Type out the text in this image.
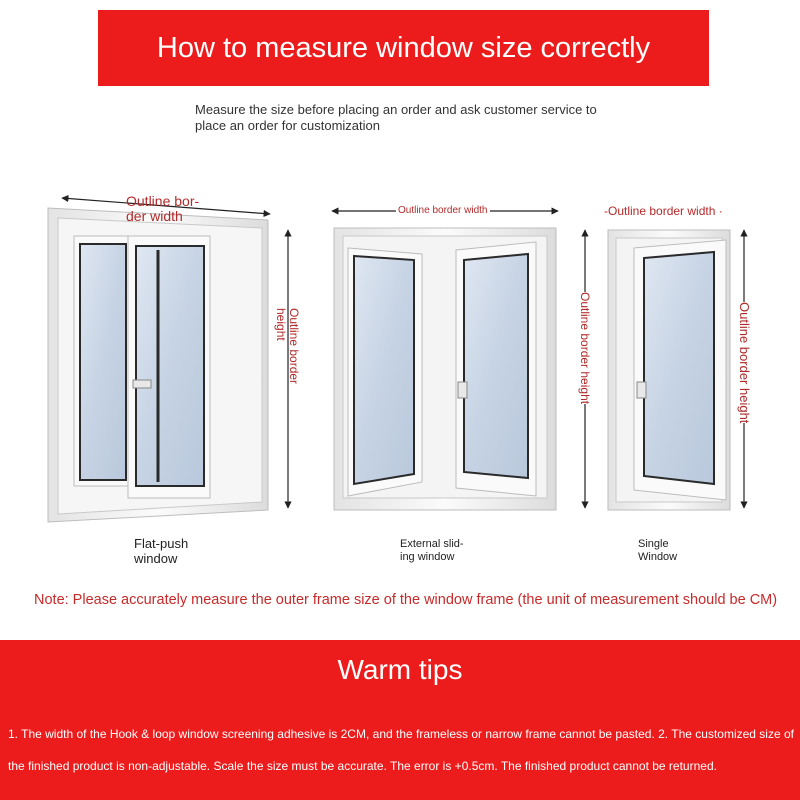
How to measure window size correctly
Measure the size before placing an order and ask customer service to place an order for customization
Outline bor-
der width
Outline border
height
Outline border width
Outline border height
-Outline border width ·
Outline border height
Flat-push
window
External slid-
ing window
Single
Window
Note: Please accurately measure the outer frame size of the window frame (the unit of measurement should be CM)
Warm tips
1. The width of the Hook & loop window screening adhesive is 2CM, and the frameless or narrow frame cannot be pasted. 2. The customized size of the finished product is non-adjustable. Scale the size must be accurate. The error is +0.5cm. The finished product cannot be returned.
